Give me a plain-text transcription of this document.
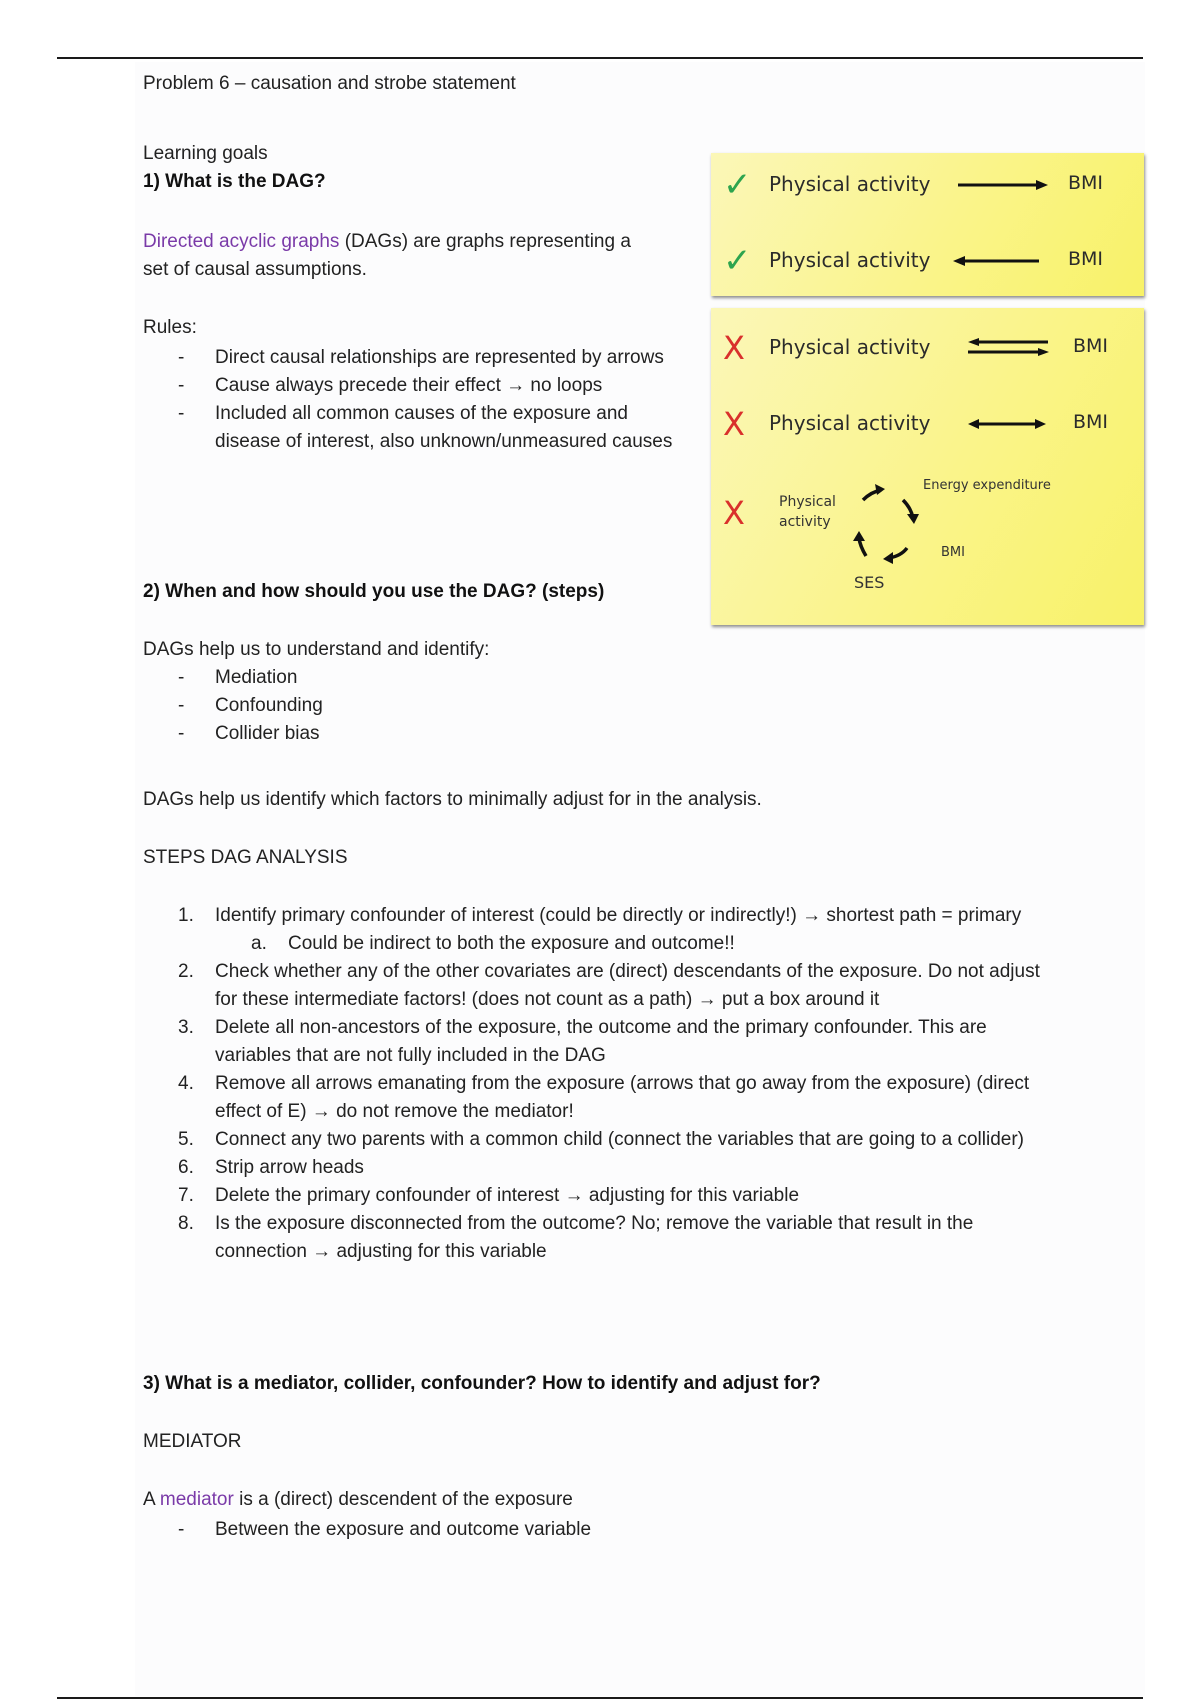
Problem 6 – causation and strobe statement
Learning goals
1) What is the DAG?
Directed acyclic graphs (DAGs) are graphs representing a
set of causal assumptions.
Rules:
- Direct causal relationships are represented by arrows
- Cause always precede their effect → no loops
- Included all common causes of the exposure and disease of interest, also unknown/unmeasured causes
2) When and how should you use the DAG? (steps)
DAGs help us to understand and identify:
- Mediation
- Confounding
- Collider bias
DAGs help us identify which factors to minimally adjust for in the analysis.
STEPS DAG ANALYSIS
1. Identify primary confounder of interest (could be directly or indirectly!) → shortest path = primary
a. Could be indirect to both the exposure and outcome!!
2. Check whether any of the other covariates are (direct) descendants of the exposure. Do not adjust for these intermediate factors! (does not count as a path) → put a box around it
3. Delete all non-ancestors of the exposure, the outcome and the primary confounder. This are variables that are not fully included in the DAG
4. Remove all arrows emanating from the exposure (arrows that go away from the exposure) (direct effect of E) → do not remove the mediator!
5. Connect any two parents with a common child (connect the variables that are going to a collider)
6. Strip arrow heads
7. Delete the primary confounder of interest → adjusting for this variable
8. Is the exposure disconnected from the outcome? No; remove the variable that result in the connection → adjusting for this variable
3) What is a mediator, collider, confounder? How to identify and adjust for?
MEDIATOR
A mediator is a (direct) descendent of the exposure
- Between the exposure and outcome variable
✓ Physical activity	BMI
✓ Physical activity	BMI
X Physical activity	BMI
X Physical activity	BMI
X Physical
activity
Energy expenditure
BMI
SES
